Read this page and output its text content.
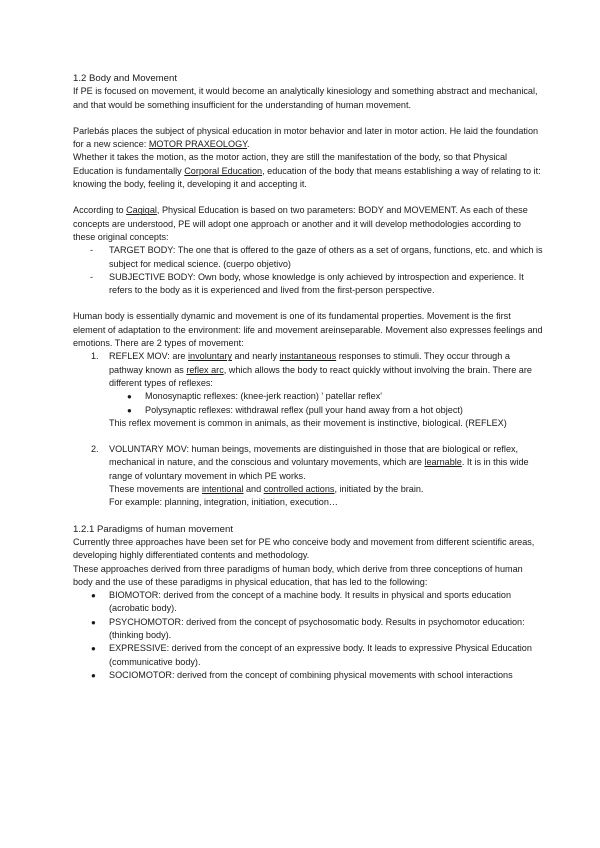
1.2 Body and Movement

If PE is focused on movement, it would become an analytically kinesiology and something abstract and mechanical, and that would be something insufficient for the understanding of human movement.

Parlebás places the subject of physical education in motor behavior and later in motor action. He laid the foundation for a new science: MOTOR PRAXEOLOGY.

Whether it takes the motion, as the motor action, they are still the manifestation of the body, so that Physical Education is fundamentally Corporal Education, education of the body that means establishing a way of relating to it: knowing the body, feeling it, developing it and accepting it.

According to Cagigal, Physical Education is based on two parameters: BODY and MOVEMENT. As each of these concepts are understood, PE will adopt one approach or another and it will develop methodologies according to these original concepts:

- TARGET BODY: The one that is offered to the gaze of others as a set of organs, functions, etc. and which is subject for medical science. (cuerpo objetivo)
- SUBJECTIVE BODY: Own body, whose knowledge is only achieved by introspection and experience. It refers to the body as it is experienced and lived from the first-person perspective.

Human body is essentially dynamic and movement is one of its fundamental properties. Movement is the first element of adaptation to the environment: life and movement areinseparable. Movement also expresses feelings and emotions. There are 2 types of movement:

1. REFLEX MOV: are involuntary and nearly instantaneous responses to stimuli. They occur through a pathway known as reflex arc, which allows the body to react quickly without involving the brain. There are different types of reflexes:
● Monosynaptic reflexes: (knee-jerk reaction) ' patellar reflex'
● Polysynaptic reflexes: withdrawal reflex (pull your hand away from a hot object)
This reflex movement is common in animals, as their movement is instinctive, biological. (REFLEX)
2. VOLUNTARY MOV: human beings, movements are distinguished in those that are biological or reflex, mechanical in nature, and the conscious and voluntary movements, which are learnable. It is in this wide range of voluntary movement in which PE works.
These movements are intentional and controlled actions, initiated by the brain.
For example: planning, integration, initiation, execution…

1.2.1 Paradigms of human movement

Currently three approaches have been set for PE who conceive body and movement from different scientific areas, developing highly differentiated contents and methodology.

These approaches derived from three paradigms of human body, which derive from three conceptions of human body and the use of these paradigms in physical education, that has led to the following:

● BIOMOTOR: derived from the concept of a machine body. It results in physical and sports education (acrobatic body).
● PSYCHOMOTOR: derived from the concept of psychosomatic body. Results in psychomotor education: (thinking body).
● EXPRESSIVE: derived from the concept of an expressive body. It leads to expressive Physical Education (communicative body).
● SOCIOMOTOR: derived from the concept of combining physical movements with school interactions
